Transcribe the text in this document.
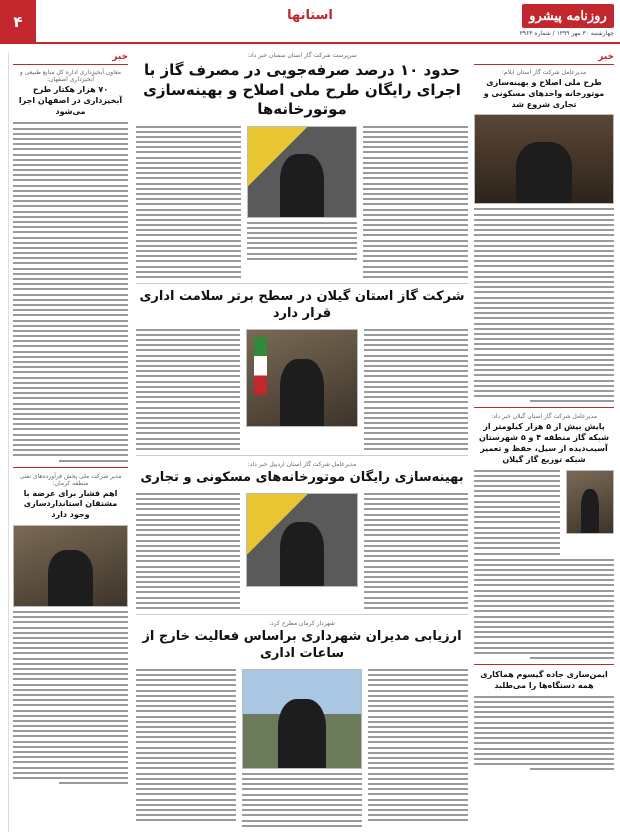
۴	استانها	روزنامه پیشرو
چهارشنبه ۳۰ مهر ۱۳۹۹ / شماره ۳۹۶۴
خبر
مدیرعامل شرکت گاز استان ایلام:
طرح ملی اصلاح و بهینه‌سازی موتورخانه واحدهای مسکونی و تجاری شروع شد
مدیرعامل شرکت گاز استان گیلان خبر داد:
پایش بیش از ۵ هزار کیلومتر از شبکه گاز منطقه ۴ و ۵ شهرستان آسیب‌دیده از سیل، حفظ و تعمیر شبکه توزیع گاز گیلان
ایمن‌سازی جاده گیسوم هماکاری همه دستگاه‌ها را می‌طلبد
سرپرست شرکت گاز استان سمنان خبر داد:
حدود ۱۰ درصد صرفه‌جویی در مصرف گاز با اجرای رایگان طرح ملی اصلاح و بهینه‌سازی موتورخانه‌ها
شرکت گاز استان گیلان در سطح برتر سلامت اداری قرار دارد
مدیرعامل شرکت گاز استان اردبیل خبر داد:
بهینه‌سازی رایگان موتورخانه‌های مسکونی و تجاری
شهردار کرمان مطرح کرد:
ارزیابی مدیران شهرداری براساس فعالیت خارج از ساعات اداری
خبر
معاون آبخیزداری اداره کل منابع طبیعی و آبخیزداری اصفهان:
۷۰ هزار هکتار طرح آبخیزداری در اصفهان اجرا می‌شود
مدیر شرکت ملی پخش فرآورده‌های نفتی منطقه کرمان:
اهم فشار برای عرضه با مشتقان استانداردسازی وجود دارد
